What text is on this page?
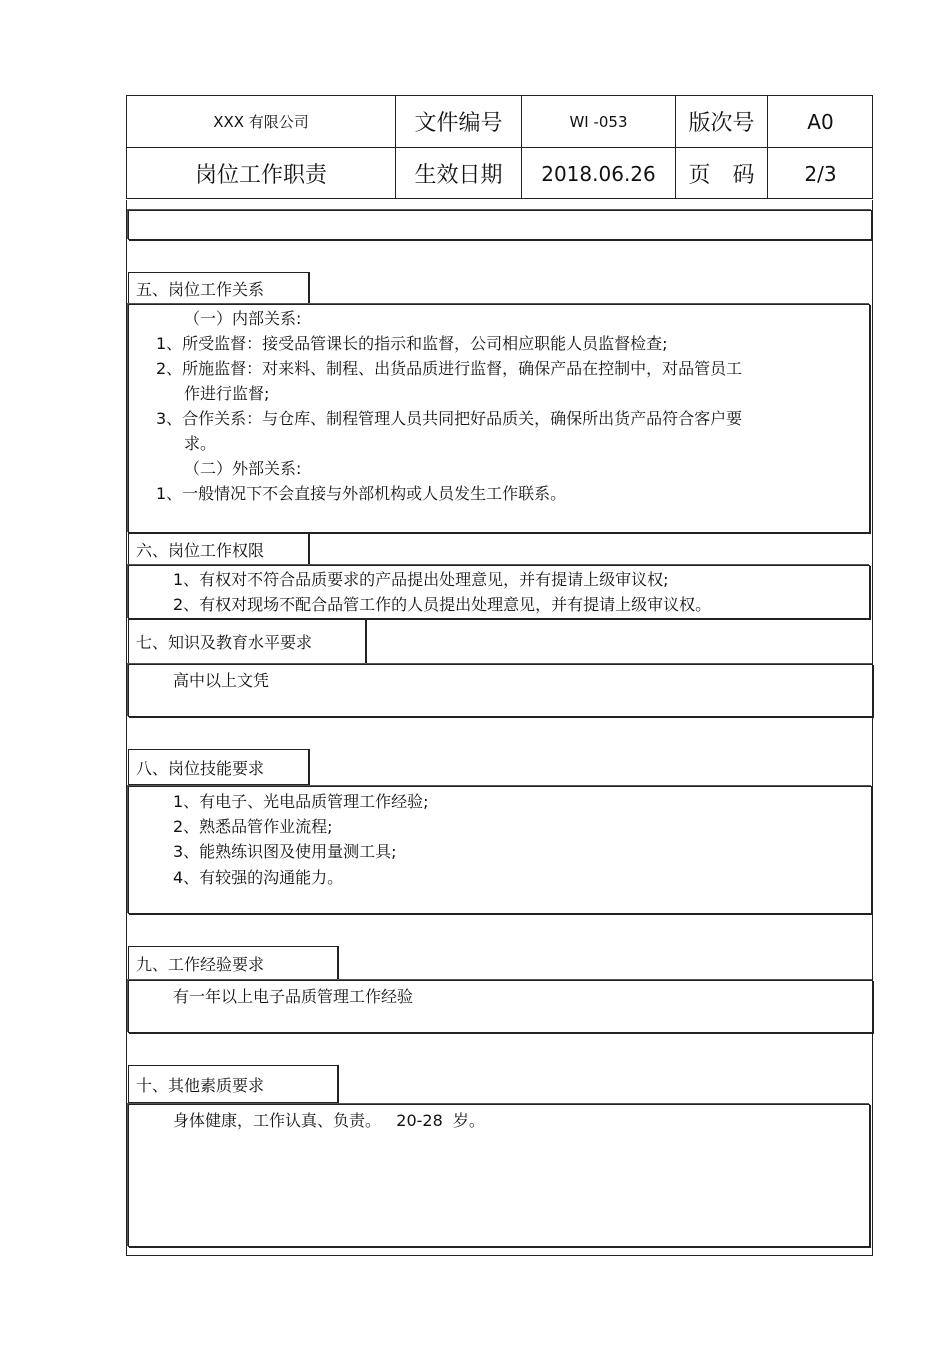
XXX 有限公司	文件编号	WI -053	版次号	A0
岗位工作职责	生效日期	2018.06.26	页码	2/3
五、岗位工作关系
（一）内部关系:
1、所受监督：接受品管课长的指示和监督，公司相应职能人员监督检查;
2、所施监督：对来料、制程、出货品质进行监督，确保产品在控制中，对品管员工
作进行监督;
3、合作关系：与仓库、制程管理人员共同把好品质关，确保所出货产品符合客户要
求。
（二）外部关系:
1、一般情况下不会直接与外部机构或人员发生工作联系。
六、岗位工作权限
1、有权对不符合品质要求的产品提出处理意见，并有提请上级审议权;
2、有权对现场不配合品管工作的人员提出处理意见，并有提请上级审议权。
七、知识及教育水平要求
高中以上文凭
八、岗位技能要求
1、有电子、光电品质管理工作经验;
2、熟悉品管作业流程;
3、能熟练识图及使用量测工具;
4、有较强的沟通能力。
九、工作经验要求
有一年以上电子品质管理工作经验
十、其他素质要求
身体健康，工作认真、负责。   20-28  岁。
